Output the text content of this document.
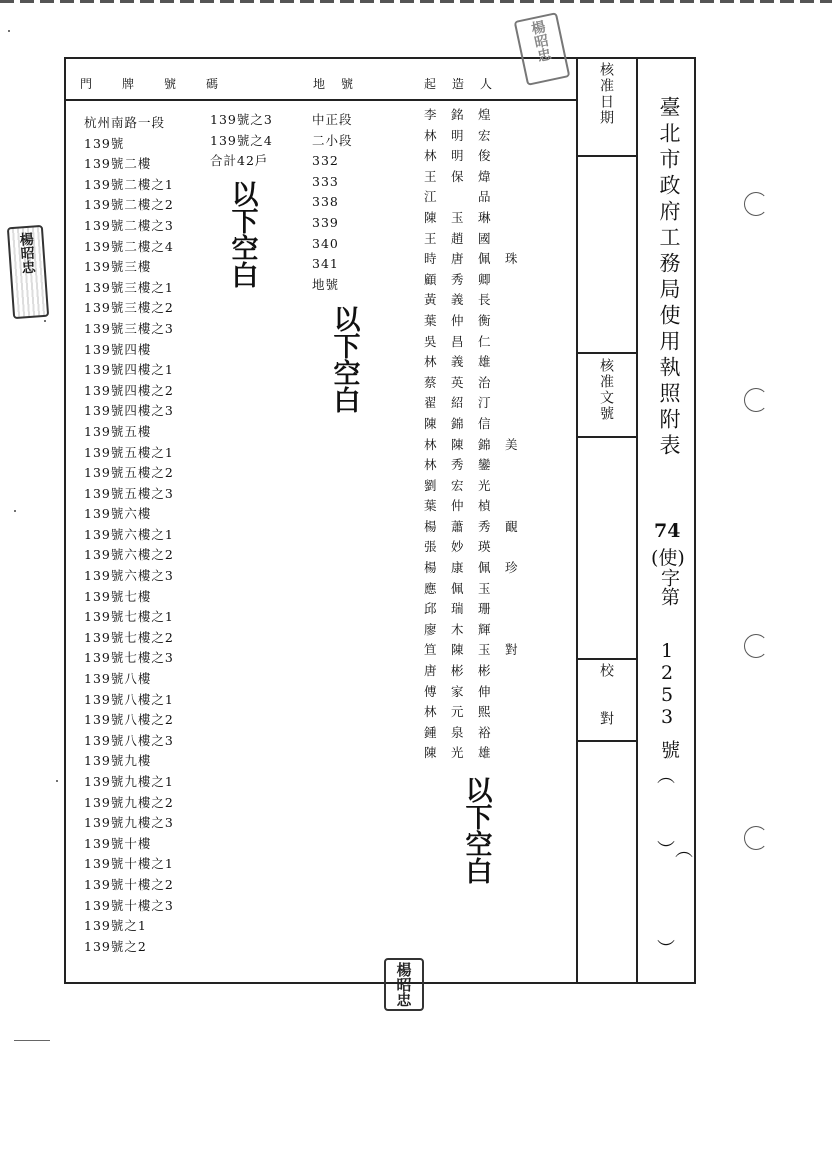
門　　牌　　號　　碼	地　號	起　造　人
杭州南路一段
139號
139號二樓
139號二樓之1
139號二樓之2
139號二樓之3
139號二樓之4
139號三樓
139號三樓之1
139號三樓之2
139號三樓之3
139號四樓
139號四樓之1
139號四樓之2
139號四樓之3
139號五樓
139號五樓之1
139號五樓之2
139號五樓之3
139號六樓
139號六樓之1
139號六樓之2
139號六樓之3
139號七樓
139號七樓之1
139號七樓之2
139號七樓之3
139號八樓
139號八樓之1
139號八樓之2
139號八樓之3
139號九樓
139號九樓之1
139號九樓之2
139號九樓之3
139號十樓
139號十樓之1
139號十樓之2
139號十樓之3
139號之1
139號之2
139號之3
139號之4
合計42戶
以下空白
中正段
二小段
332
333
338
339
340
341
地號
以下空白
李　銘　煌
林　明　宏
林　明　俊
王　保　煒
江　　　品
陳　玉　琳
王　趙　國
時　唐　佩　珠
顧　秀　卿
黃　義　長
葉　仲　衡
吳　昌　仁
林　義　雄
蔡　英　治
翟　紹　汀
陳　錦　信
林　陳　錦　美
林　秀　鑾
劉　宏　光
葉　仲　楨
楊　蕭　秀　靦
張　妙　瑛
楊　康　佩　珍
應　佩　玉
邱　瑞　珊
廖　木　輝
笪　陳　玉　對
唐　彬　彬
傅　家　伸
林　元　熙
鍾　泉　裕
陳　光　雄
以下空白
核准日期
核准文號
校　　對
臺北市政府工務局使用執照附表
74
(使)
字第
1253
號
︵
︶︵
︶
楊昭忠
楊昭忠
楊昭忠
